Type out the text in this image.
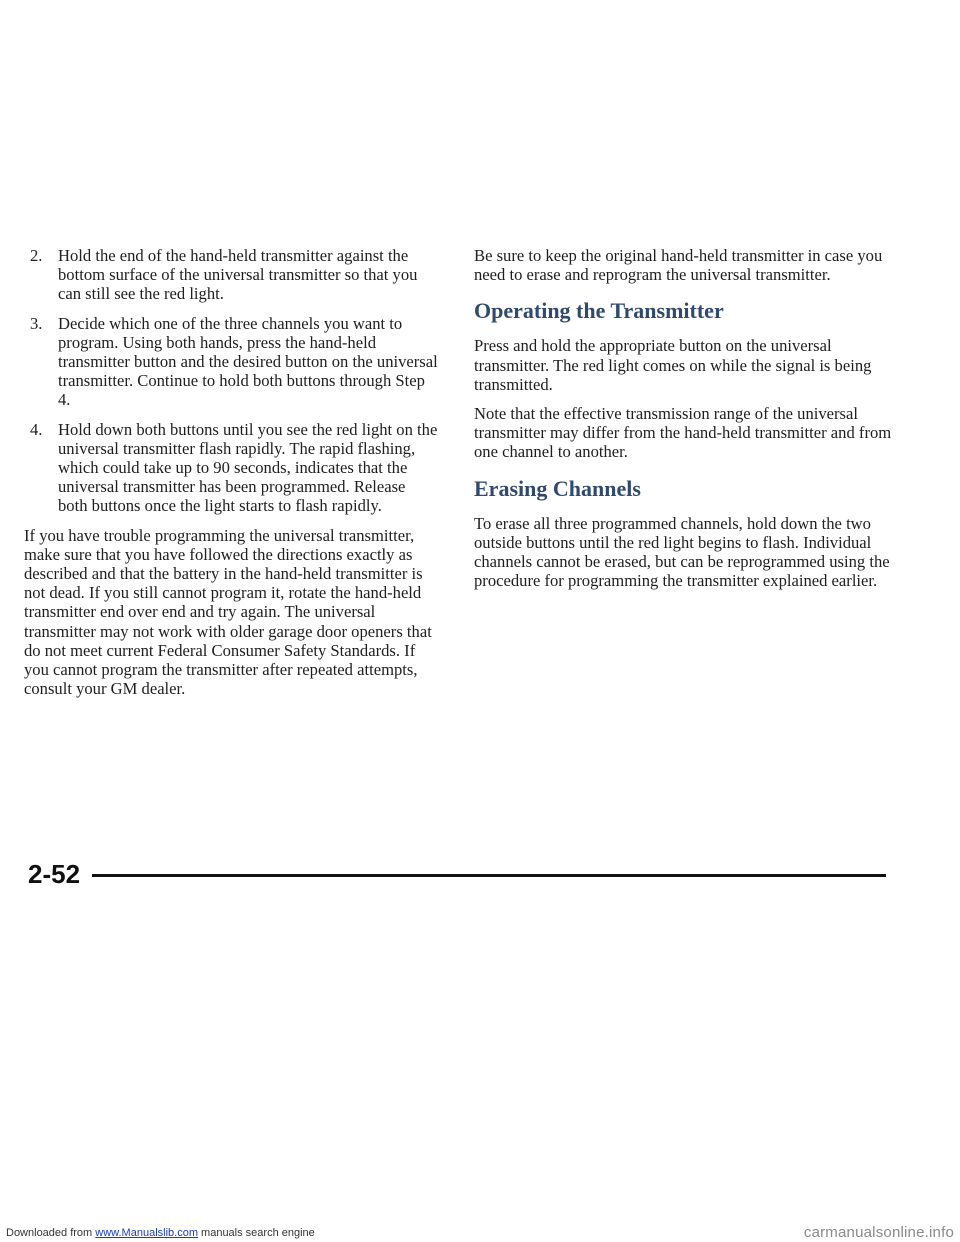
2. Hold the end of the hand-held transmitter against the bottom surface of the universal transmitter so that you can still see the red light.
3. Decide which one of the three channels you want to program. Using both hands, press the hand-held transmitter button and the desired button on the universal transmitter. Continue to hold both buttons through Step 4.
4. Hold down both buttons until you see the red light on the universal transmitter flash rapidly. The rapid flashing, which could take up to 90 seconds, indicates that the universal transmitter has been programmed. Release both buttons once the light starts to flash rapidly.

If you have trouble programming the universal transmitter, make sure that you have followed the directions exactly as described and that the battery in the hand-held transmitter is not dead. If you still cannot program it, rotate the hand-held transmitter end over end and try again. The universal transmitter may not work with older garage door openers that do not meet current Federal Consumer Safety Standards. If you cannot program the transmitter after repeated attempts, consult your GM dealer.

Be sure to keep the original hand-held transmitter in case you need to erase and reprogram the universal transmitter.

Operating the Transmitter

Press and hold the appropriate button on the universal transmitter. The red light comes on while the signal is being transmitted.

Note that the effective transmission range of the universal transmitter may differ from the hand-held transmitter and from one channel to another.

Erasing Channels

To erase all three programmed channels, hold down the two outside buttons until the red light begins to flash. Individual channels cannot be erased, but can be reprogrammed using the procedure for programming the transmitter explained earlier.

2-52
Downloaded from www.Manualslib.com manuals search engine	carmanualsonline.info
